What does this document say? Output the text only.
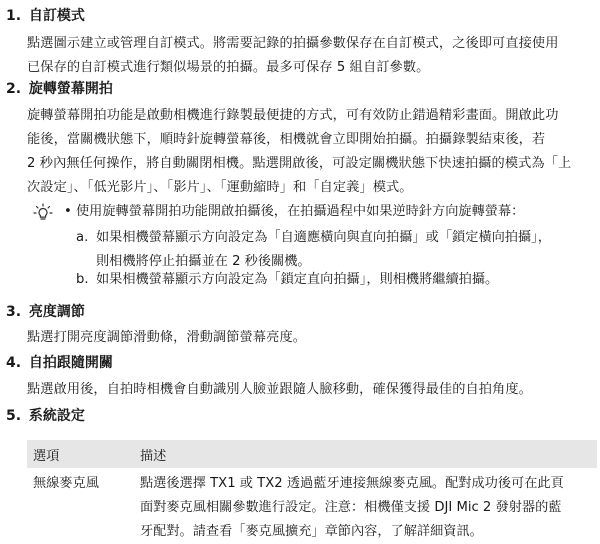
1. 自訂模式
點選圖示建立或管理自訂模式。將需要記錄的拍攝參數保存在自訂模式，之後即可直接使用
已保存的自訂模式進行類似場景的拍攝。最多可保存 5 組自訂參數。
2. 旋轉螢幕開拍
旋轉螢幕開拍功能是啟動相機進行錄製最便捷的方式，可有效防止錯過精彩畫面。開啟此功
能後，當關機狀態下，順時針旋轉螢幕後，相機就會立即開始拍攝。拍攝錄製結束後，若
2 秒內無任何操作，將自動關閉相機。點選開啟後，可設定關機狀態下快速拍攝的模式為「上
次設定」、「低光影片」、「影片」、「運動縮時」和「自定義」模式。
• 使用旋轉螢幕開拍功能開啟拍攝後，在拍攝過程中如果逆時針方向旋轉螢幕：
a. 如果相機螢幕顯示方向設定為「自適應橫向與直向拍攝」或「鎖定橫向拍攝」，
則相機將停止拍攝並在 2 秒後關機。
b. 如果相機螢幕顯示方向設定為「鎖定直向拍攝」，則相機將繼續拍攝。
3. 亮度調節
點選打開亮度調節滑動條，滑動調節螢幕亮度。
4. 自拍跟隨開關
點選啟用後，自拍時相機會自動識別人臉並跟隨人臉移動，確保獲得最佳的自拍角度。
5. 系統設定
選項	描述
無線麥克風	點選後選擇 TX1 或 TX2 透過藍牙連接無線麥克風。配對成功後可在此頁
面對麥克風相關參數進行設定。注意：相機僅支援 DJI Mic 2 發射器的藍
牙配對。請查看「麥克風擴充」章節內容，了解詳細資訊。
